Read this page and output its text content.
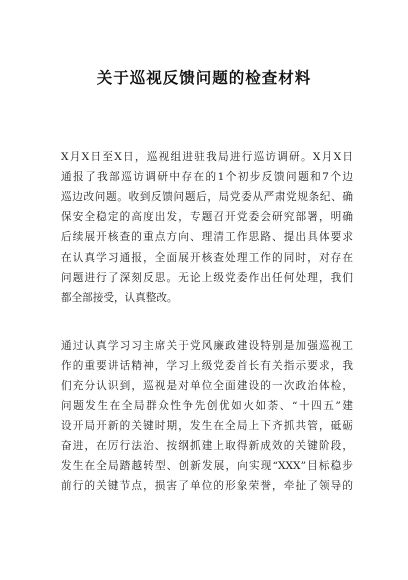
关于巡视反馈问题的检查材料
X月X日至X日，巡视组进驻我局进行巡访调研。X月X日
通报了我部巡访调研中存在的1个初步反馈问题和7个边
巡边改问题。收到反馈问题后，局党委从严肃党规条纪、确
保安全稳定的高度出发，专题召开党委会研究部署，明确
后续展开核查的重点方向、理清工作思路、提出具体要求
在认真学习通报，全面展开核查处理工作的同时，对存在
问题进行了深刻反思。无论上级党委作出任何处理，我们
都全部接受，认真整改。
通过认真学习习主席关于党风廉政建设特别是加强巡视工
作的重要讲话精神，学习上级党委首长有关指示要求，我
们充分认识到，巡视是对单位全面建设的一次政治体检，
问题发生在全局群众性争先创优如火如荼、“十四五”建
设开局开新的关键时期，发生在全局上下齐抓共管，砥砺
奋进，在厉行法治、按纲抓建上取得新成效的关键阶段，
发生在全局踏越转型、创新发展，向实现“XXX”目标稳步
前行的关键节点，损害了单位的形象荣誉，牵扯了领导的
